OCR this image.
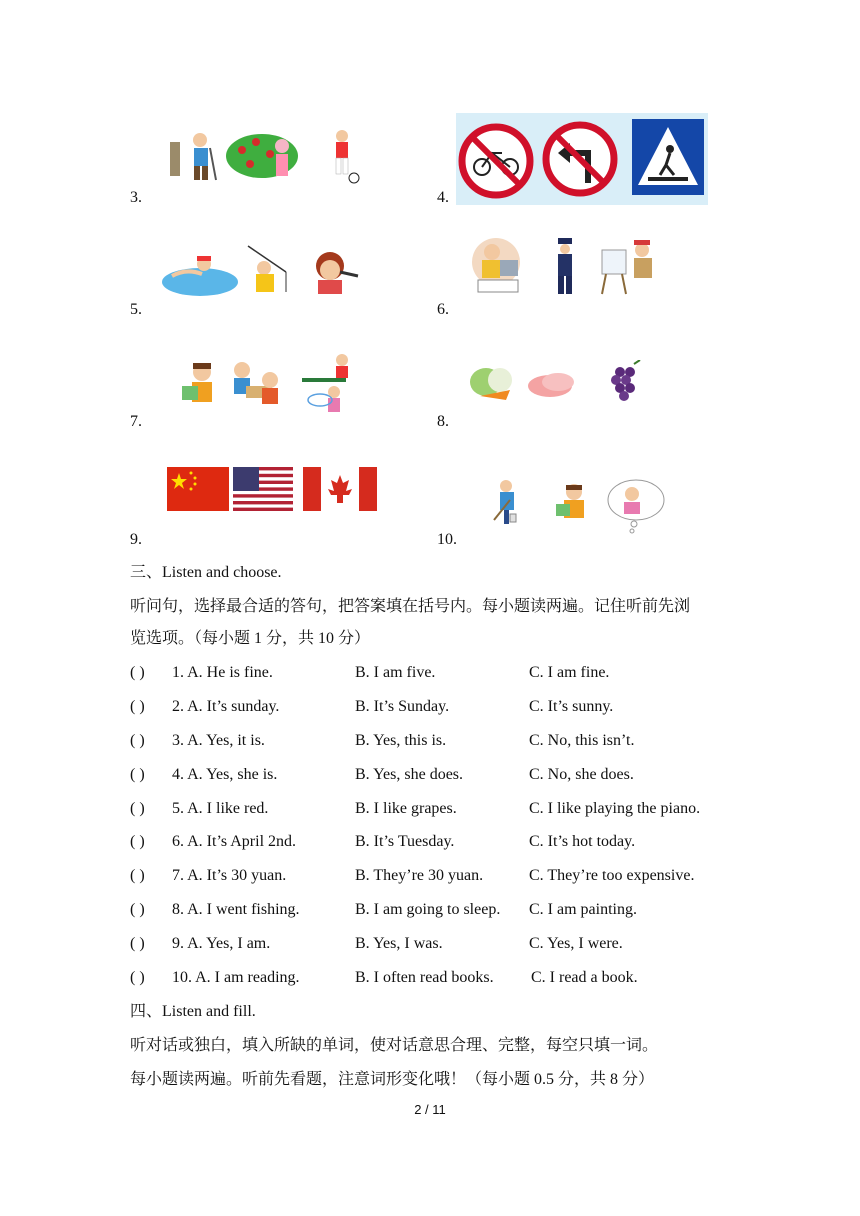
3.	4.
5.	6.
7.	8.
9.	10.
三、Listen and choose.
听问句，选择最合适的答句，把答案填在括号内。每小题读两遍。记住听前先浏
览选项。（每小题 1 分，共 10 分）
( ) 1. A. He is fine.	B. I am five.	C. I am fine.
( ) 2. A. It’s sunday.	B. It’s Sunday.	C. It’s sunny.
( ) 3. A. Yes, it is.	B. Yes, this is.	C. No, this isn’t.
( ) 4. A. Yes, she is.	B. Yes, she does.	C. No, she does.
( ) 5. A. I like red.	B. I like grapes.	C. I like playing the piano.
( ) 6. A. It’s April 2nd.	B. It’s Tuesday.	C. It’s hot today.
( ) 7. A. It’s 30 yuan.	B. They’re 30 yuan.	C. They’re too expensive.
( ) 8. A. I went fishing.	B. I am going to sleep. C. I am painting.
( ) 9. A. Yes, I am.	B. Yes, I was.	C. Yes, I were.
( ) 10. A. I am reading.	B. I often read books. C. I read a book.
四、Listen and fill.
听对话或独白，填入所缺的单词，使对话意思合理、完整，每空只填一词。
每小题读两遍。听前先看题，注意词形变化哦！（每小题 0.5 分，共 8 分）
2 / 11
